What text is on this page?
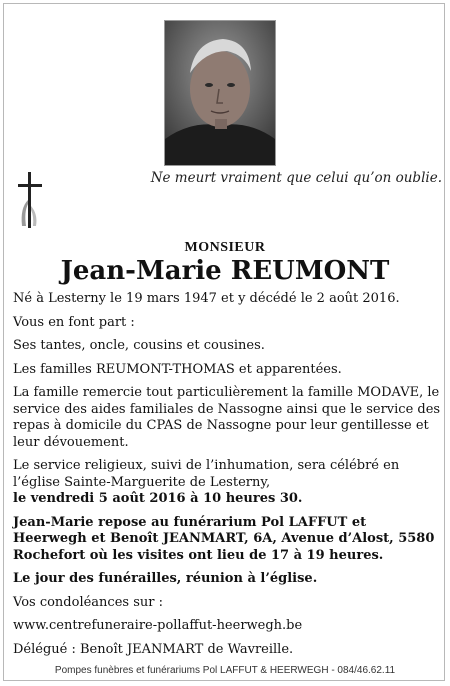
Ne meurt vraiment que celui qu’on oublie.
MONSIEUR
Jean-Marie REUMONT

Né à Lesterny le 19 mars 1947 et y décédé le 2 août 2016.

Vous en font part :

Ses tantes, oncle, cousins et cousines.

Les familles REUMONT-THOMAS et apparentées.

La famille remercie tout particulièrement la famille MODAVE, le service des aides familiales de Nassogne ainsi que le service des repas à domicile du CPAS de Nassogne pour leur gentillesse et leur dévouement.

Le service religieux, suivi de l’inhumation, sera célébré en l’église Sainte-Marguerite de Lesterny,

le vendredi 5 août 2016 à 10 heures 30.

Jean-Marie repose au funérarium Pol LAFFUT et Heerwegh et Benoît JEANMART, 6A, Avenue d’Alost, 5580 Rochefort où les visites ont lieu de 17 à 19 heures.

Le jour des funérailles, réunion à l’église.

Vos condoléances sur :

www.centrefuneraire-pollaffut-heerwegh.be

Délégué : Benoît JEANMART de Wavreille.

Pompes funèbres et funérariums Pol LAFFUT & HEERWEGH - 084/46.62.11
